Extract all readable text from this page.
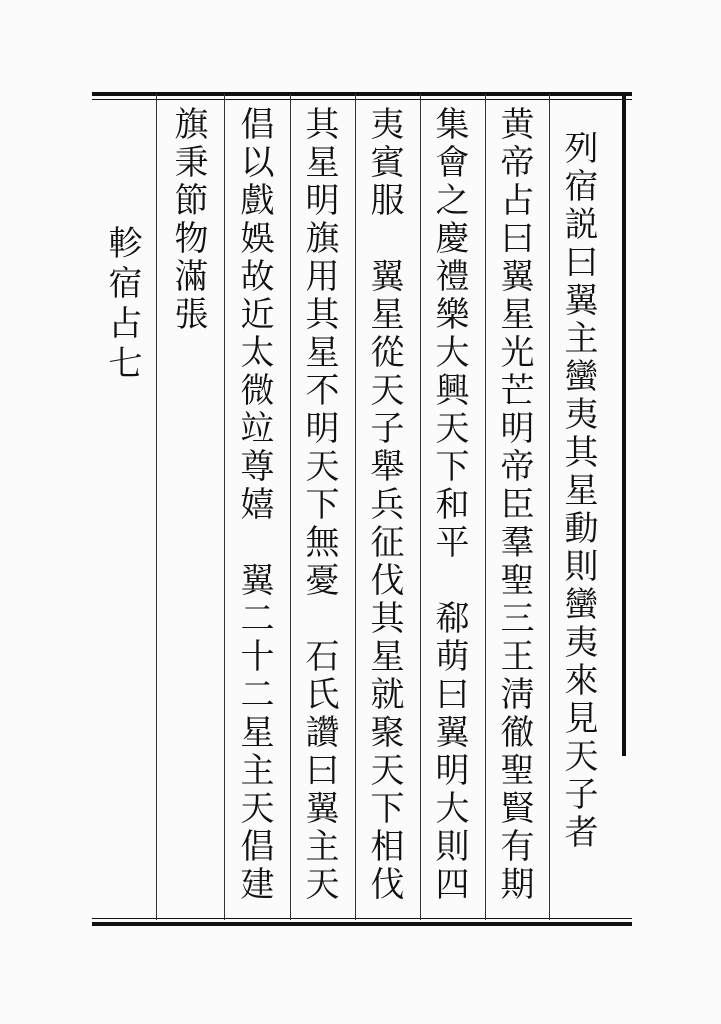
列宿説曰翼主蠻夷其星動則蠻夷來見天子者
黄帝占曰翼星光芒明帝臣羣聖三王淸徹聖賢有期
集會之慶禮樂大興天下和平　郗萌曰翼明大則四
夷賓服　翼星從天子舉兵征伐其星就聚天下相伐
其星明旗用其星不明天下無憂　石氏讚曰翼主天
倡以戲娛故近太微竝尊嬉　翼二十二星主天倡建
旗秉節物滿張
軫宿占七
